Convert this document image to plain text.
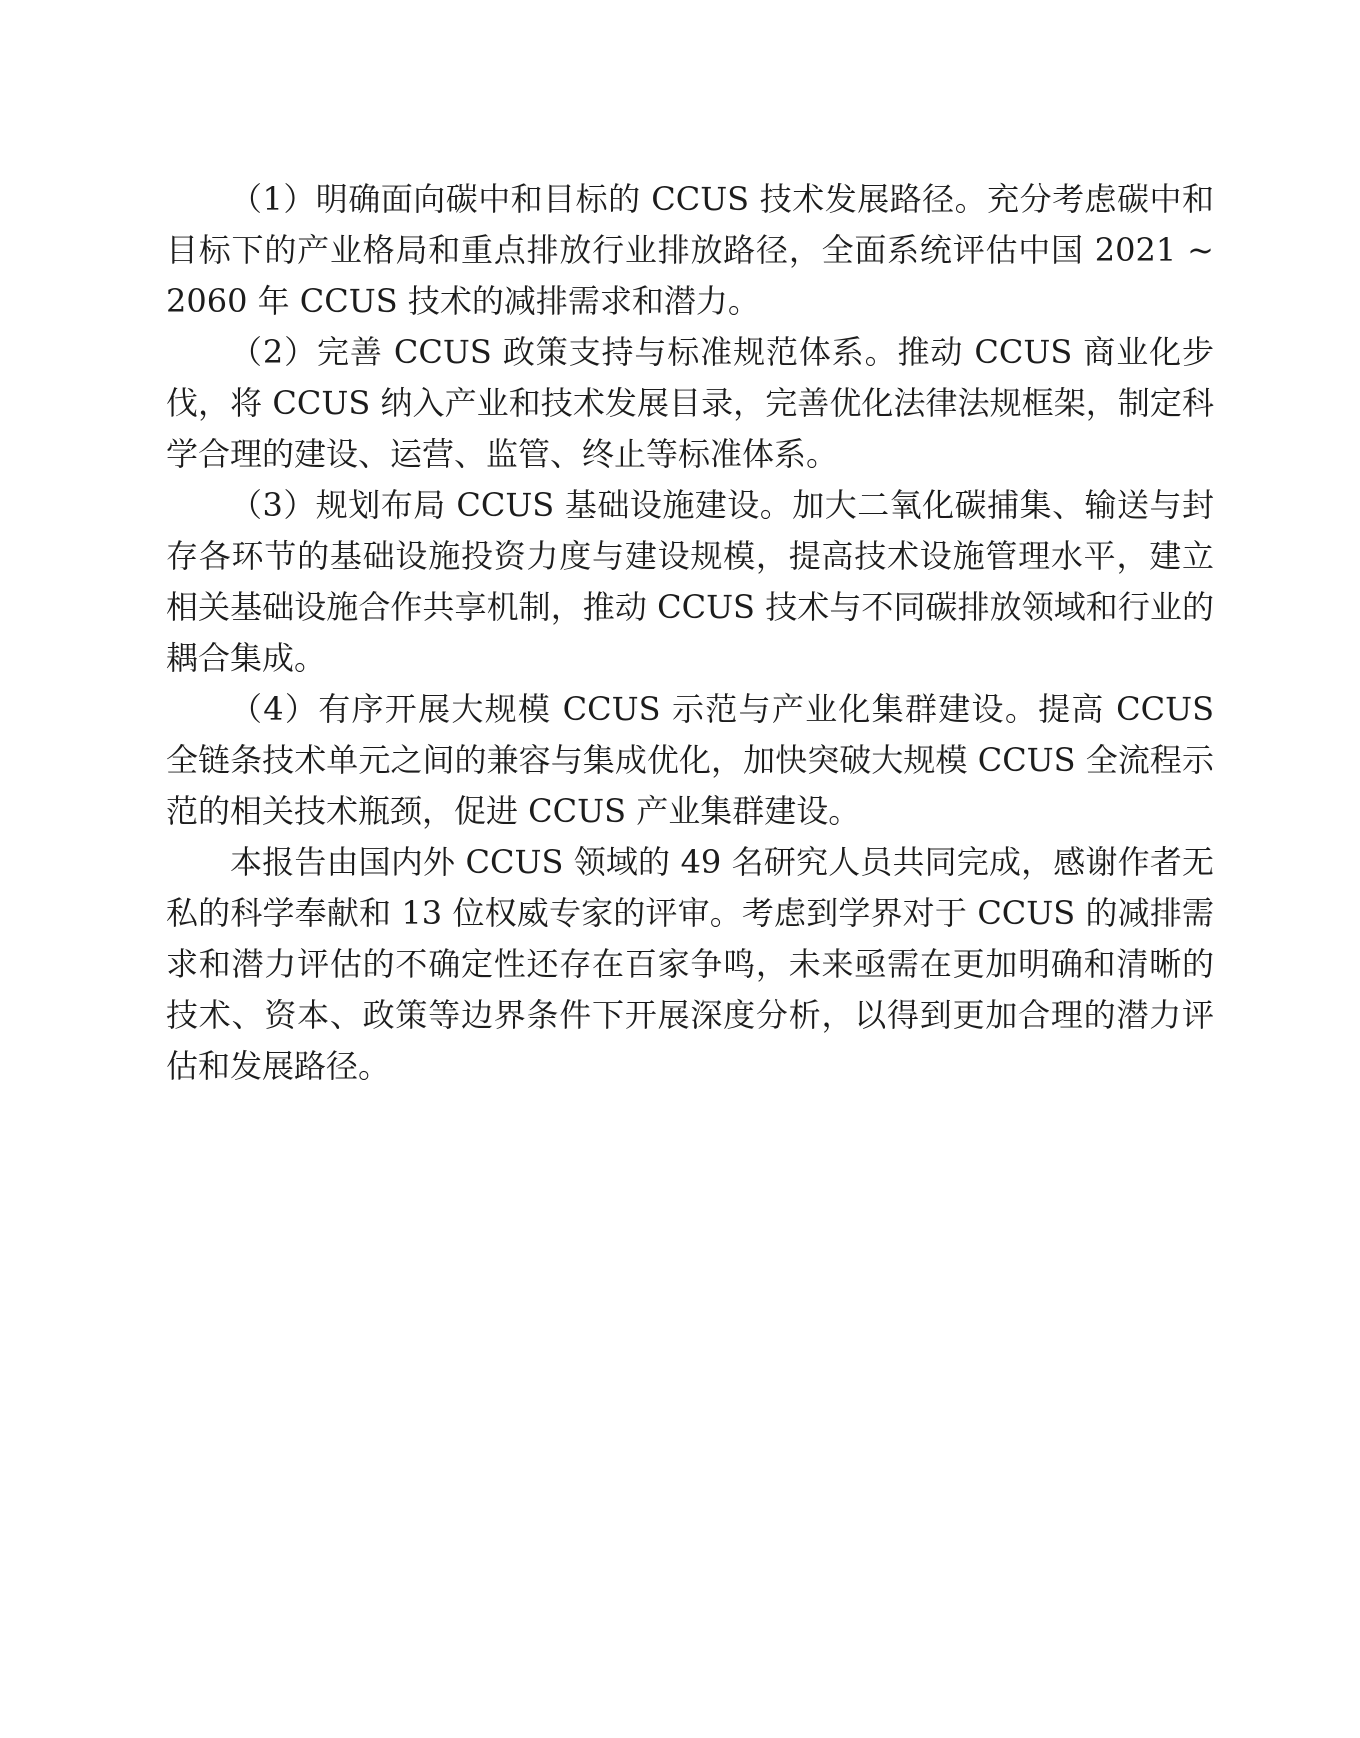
（1）明确面向碳中和目标的 CCUS 技术发展路径。充分考虑碳中和目标下的产业格局和重点排放行业排放路径，全面系统评估中国 2021 ~ 2060 年 CCUS 技术的减排需求和潜力。

（2）完善 CCUS 政策支持与标准规范体系。推动 CCUS 商业化步伐，将 CCUS 纳入产业和技术发展目录，完善优化法律法规框架，制定科学合理的建设、运营、监管、终止等标准体系。

（3）规划布局 CCUS 基础设施建设。加大二氧化碳捕集、输送与封存各环节的基础设施投资力度与建设规模，提高技术设施管理水平，建立相关基础设施合作共享机制，推动 CCUS 技术与不同碳排放领域和行业的耦合集成。

（4）有序开展大规模 CCUS 示范与产业化集群建设。提高 CCUS 全链条技术单元之间的兼容与集成优化，加快突破大规模 CCUS 全流程示范的相关技术瓶颈，促进 CCUS 产业集群建设。

本报告由国内外 CCUS 领域的 49 名研究人员共同完成，感谢作者无私的科学奉献和 13 位权威专家的评审。考虑到学界对于 CCUS 的减排需求和潜力评估的不确定性还存在百家争鸣，未来亟需在更加明确和清晰的技术、资本、政策等边界条件下开展深度分析，以得到更加合理的潜力评估和发展路径。
